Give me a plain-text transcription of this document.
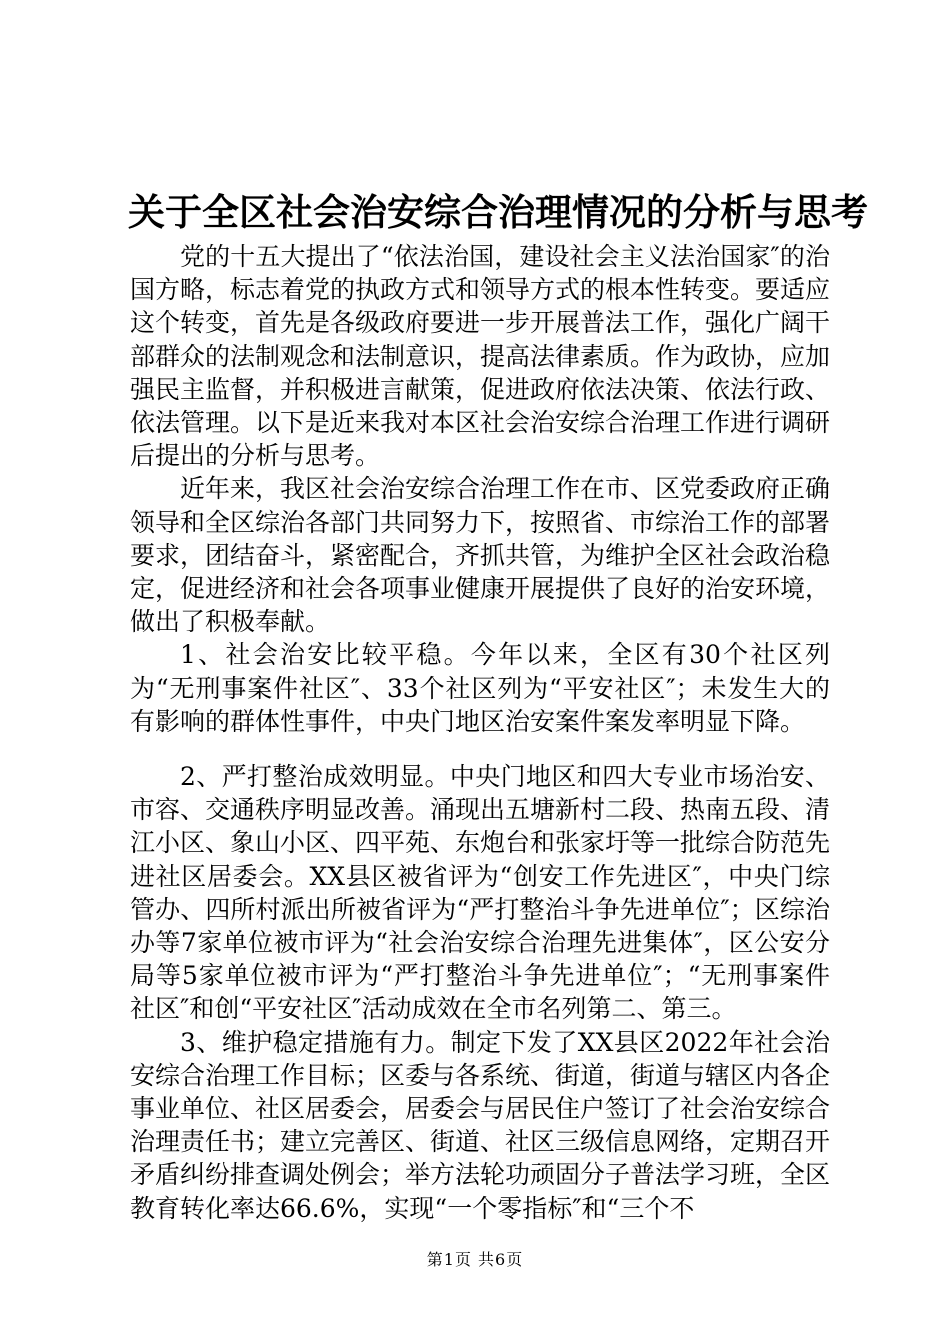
关于全区社会治安综合治理情况的分析与思考

党的十五大提出了“依法治国，建设社会主义法治国家″的治国方略，标志着党的执政方式和领导方式的根本性转变。要适应这个转变，首先是各级政府要进一步开展普法工作，强化广阔干部群众的法制观念和法制意识，提高法律素质。作为政协，应加强民主监督，并积极进言献策，促进政府依法决策、依法行政、依法管理。以下是近来我对本区社会治安综合治理工作进行调研后提出的分析与思考。

近年来，我区社会治安综合治理工作在市、区党委政府正确领导和全区综治各部门共同努力下，按照省、市综治工作的部署要求，团结奋斗，紧密配合，齐抓共管，为维护全区社会政治稳定，促进经济和社会各项事业健康开展提供了良好的治安环境，做出了积极奉献。

1、社会治安比较平稳。今年以来，全区有30个社区列为“无刑事案件社区″、33个社区列为“平安社区″；未发生大的有影响的群体性事件，中央门地区治安案件案发率明显下降。

2、严打整治成效明显。中央门地区和四大专业市场治安、市容、交通秩序明显改善。涌现出五塘新村二段、热南五段、清江小区、象山小区、四平苑、东炮台和张家圩等一批综合防范先进社区居委会。XX县区被省评为“创安工作先进区″，中央门综管办、四所村派出所被省评为“严打整治斗争先进单位″；区综治办等7家单位被市评为“社会治安综合治理先进集体″，区公安分局等5家单位被市评为“严打整治斗争先进单位″；“无刑事案件社区″和创“平安社区″活动成效在全市名列第二、第三。

3、维护稳定措施有力。制定下发了XX县区2022年社会治安综合治理工作目标；区委与各系统、街道，街道与辖区内各企事业单位、社区居委会，居委会与居民住户签订了社会治安综合治理责任书；建立完善区、街道、社区三级信息网络，定期召开矛盾纠纷排查调处例会；举方法轮功顽固分子普法学习班，全区教育转化率达66.6%，实现“一个零指标″和“三个不

第1页 共6页
